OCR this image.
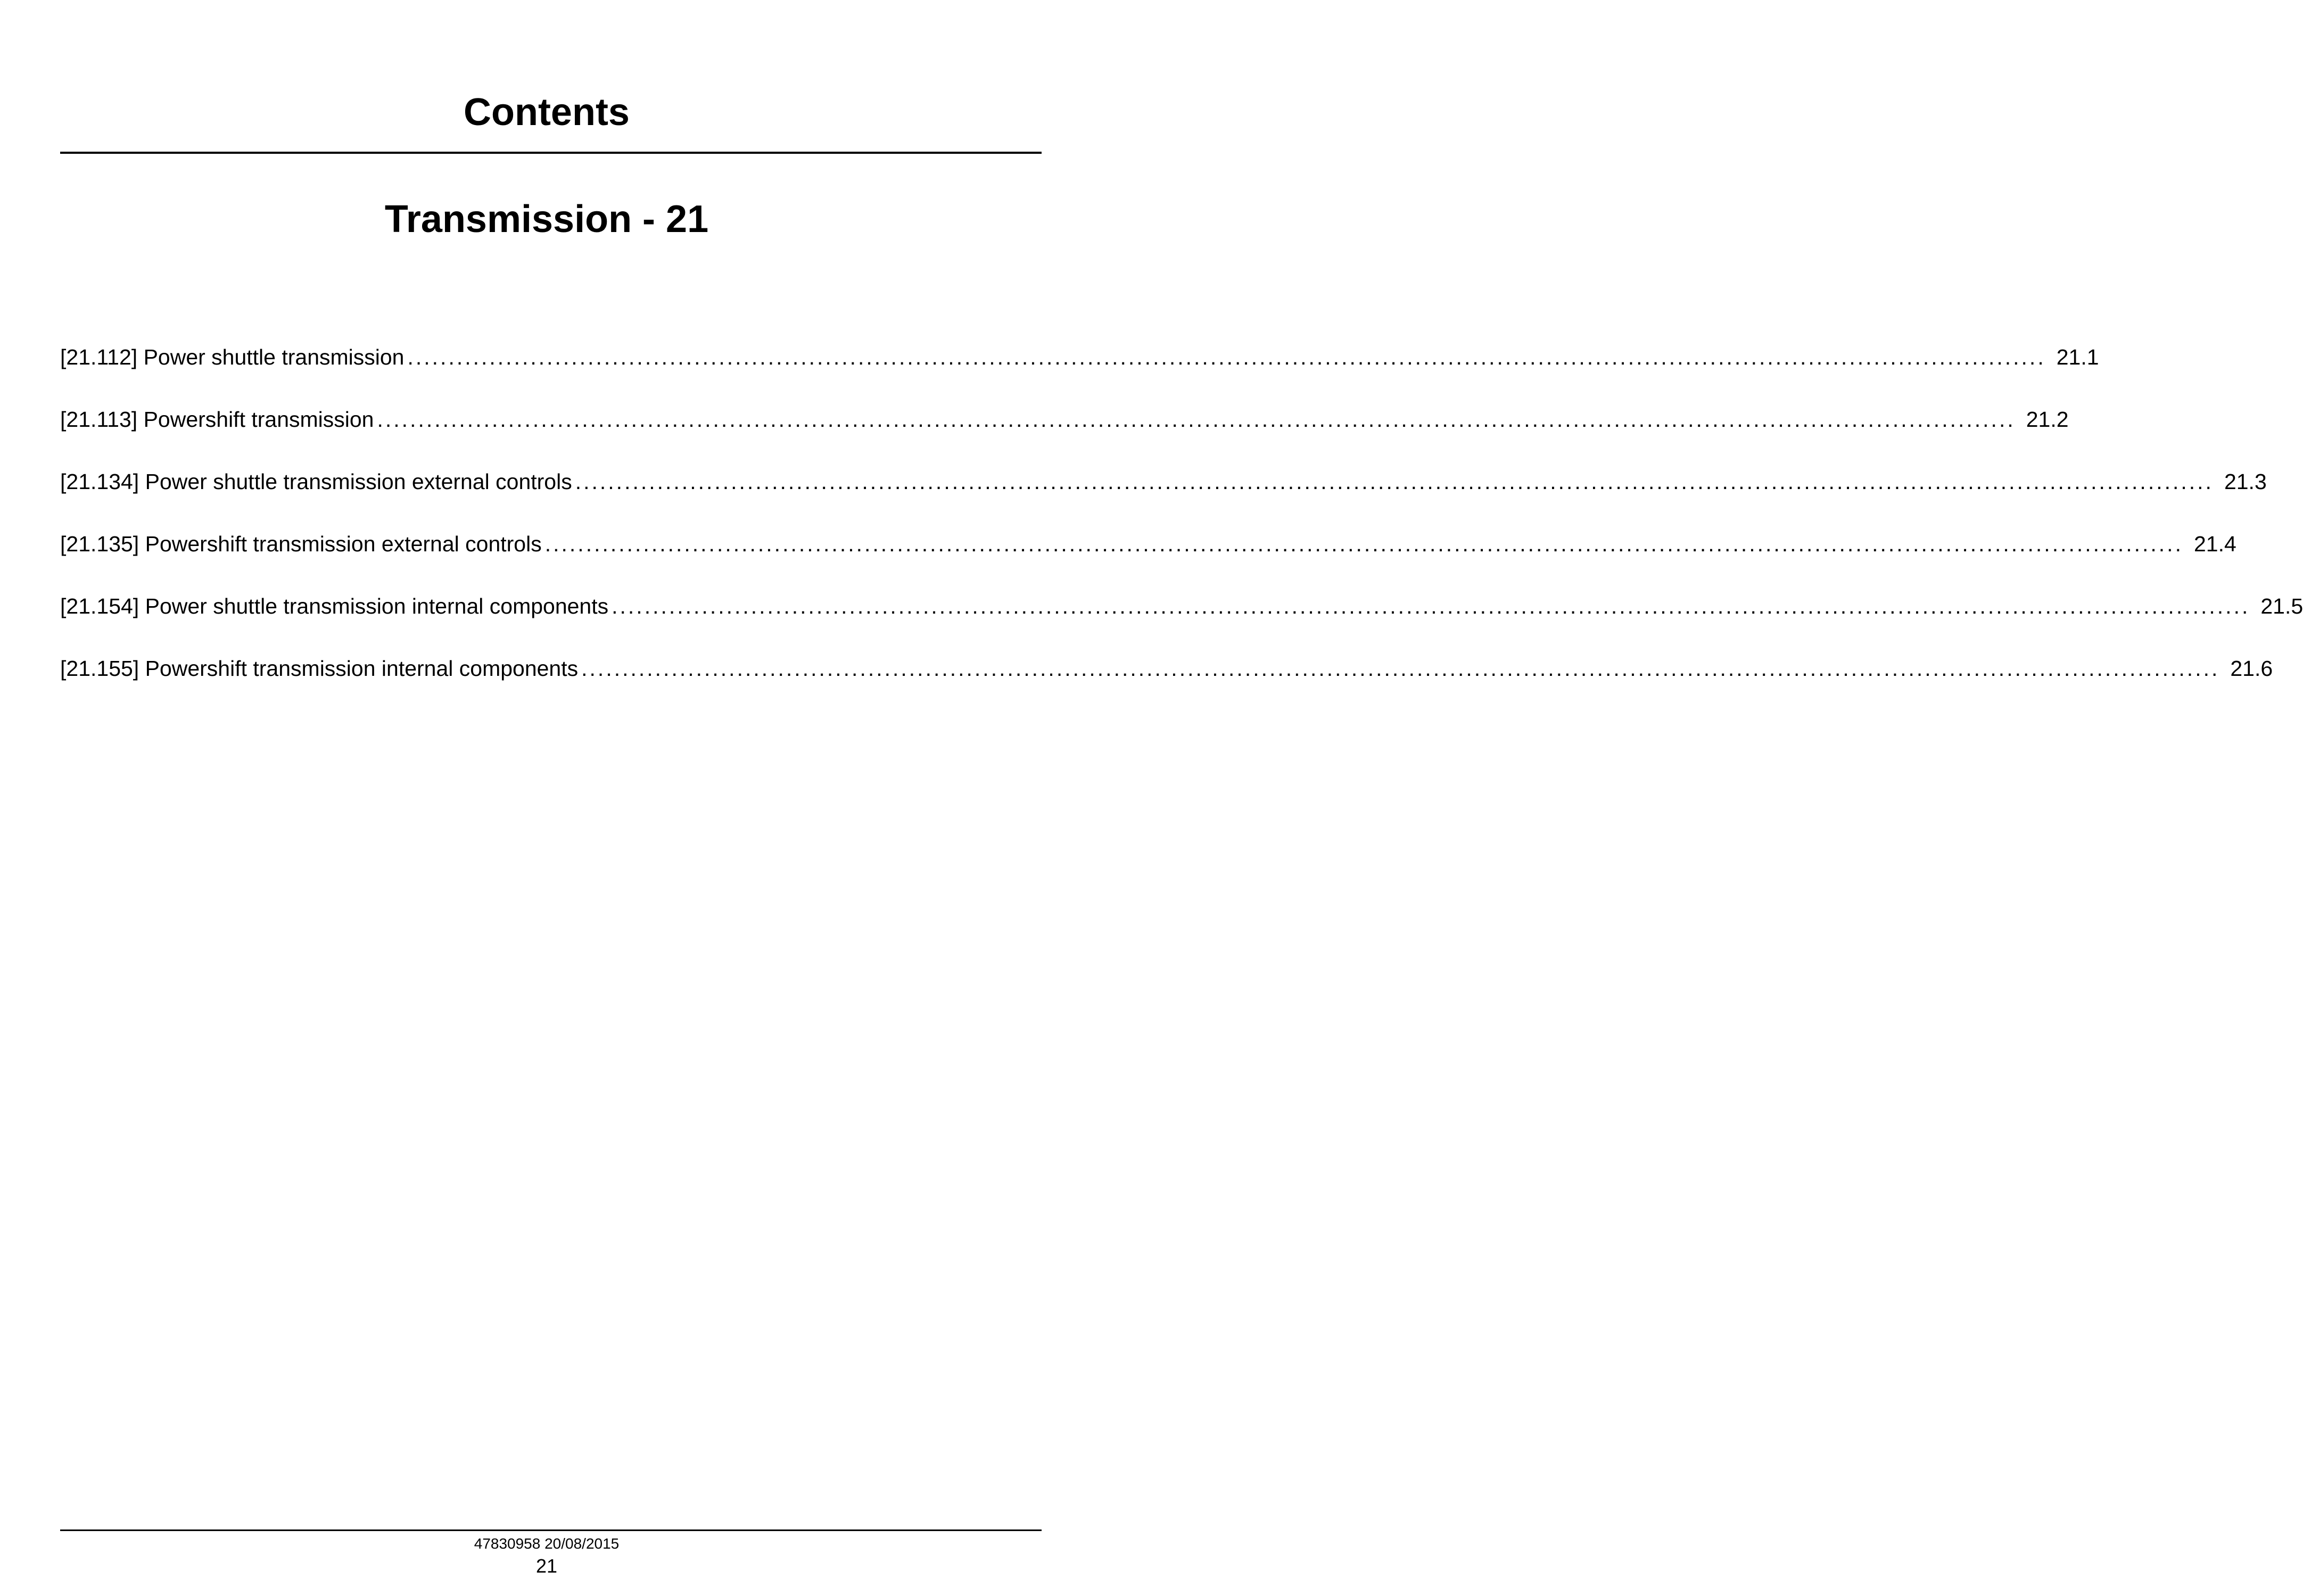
Contents
Transmission - 21
[21.112] Power shuttle transmission ........................................................................................................................................................................................................ 21.1
[21.113] Powershift transmission ........................................................................................................................................................................................................ 21.2
[21.134] Power shuttle transmission external controls ........................................................................................................................................................................................................ 21.3
[21.135] Powershift transmission external controls ........................................................................................................................................................................................................ 21.4
[21.154] Power shuttle transmission internal components ........................................................................................................................................................................................................ 21.5
[21.155] Powershift transmission internal components ........................................................................................................................................................................................................ 21.6
47830958 20/08/2015
21
